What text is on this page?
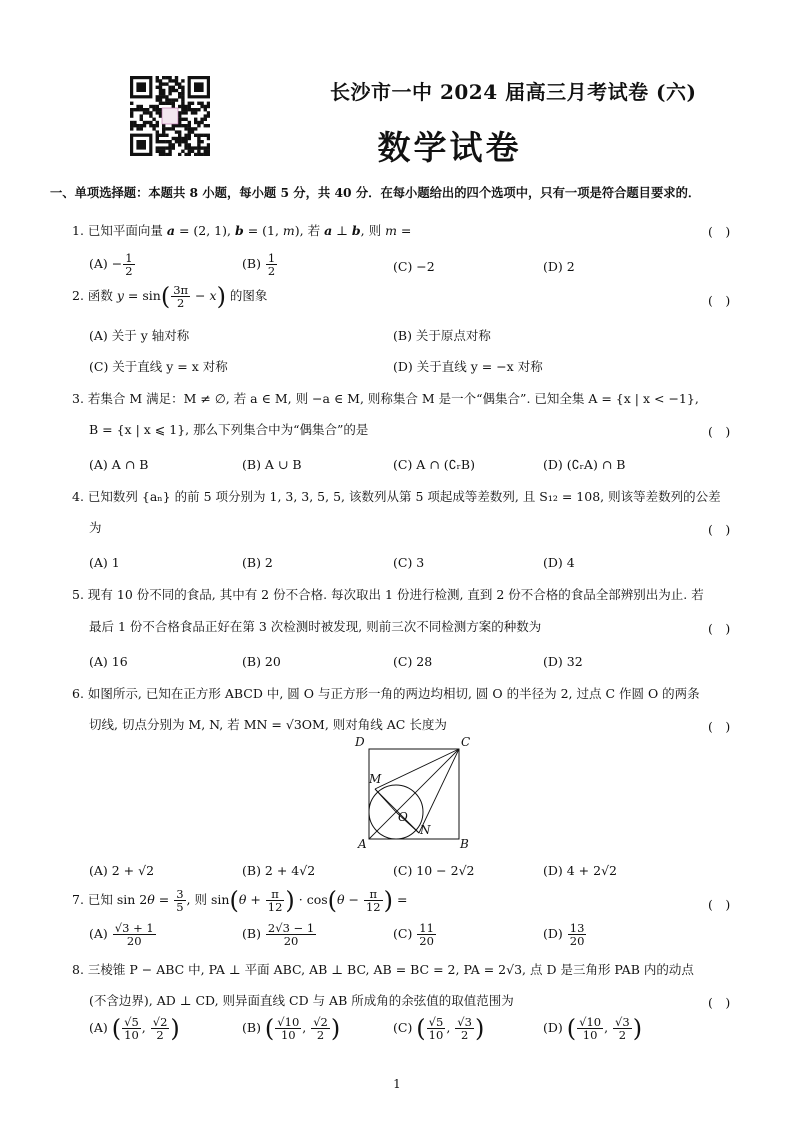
长沙市一中 2024 届高三月考试卷 (六)
数学试卷
一、单项选择题：本题共 8 小题，每小题 5 分，共 40 分．在每小题给出的四个选项中，只有一项是符合题目要求的．
1. 已知平面向量 a = (2, 1), b = (1, m), 若 a ⊥ b, 则 m =	(　)
$(A) - \frac{1}{2}$	$(B) \frac{1}{2}$	(C) −2	(D) 2
2. 函数 $y = \sin( \frac{3\pi}{2} - x)$ 的图象	(　)
(A) 关于 y 轴对称	(B) 关于原点对称
(C) 关于直线 y = x 对称	(D) 关于直线 y = −x 对称
3. 若集合 M 满足：M ≠ ∅, 若 a ∈ M, 则 −a ∈ M, 则称集合 M 是一个“偶集合”. 已知全集 A = {x | x < −1},
B = {x | x ⩽ 1}, 那么下列集合中为“偶集合”的是	(　)
(A) A ∩ B	(B) A ∪ B	(C) A ∩ (∁ᵣB)	(D) (∁ᵣA) ∩ B
4. 已知数列 {aₙ} 的前 5 项分别为 1, 3, 3, 5, 5, 该数列从第 5 项起成等差数列, 且 S₁₂ = 108, 则该等差数列的公差
为	(　)
(A) 1	(B) 2	(C) 3	(D) 4
5. 现有 10 份不同的食品, 其中有 2 份不合格. 每次取出 1 份进行检测, 直到 2 份不合格的食品全部辨别出为止. 若
最后 1 份不合格食品正好在第 3 次检测时被发现, 则前三次不同检测方案的种数为	(　)
(A) 16	(B) 20	(C) 28	(D) 32
6. 如图所示, 已知在正方形 ABCD 中, 圆 O 与正方形一角的两边均相切, 圆 O 的半径为 2, 过点 C 作圆 O 的两条
切线, 切点分别为 M, N, 若 MN = √3OM, 则对角线 AC 长度为	(　)
D	C
M
O
N
A	B
(A) 2 + √2	(B) 2 + 4√2	(C) 10 − 2√2	(D) 4 + 2√2
7. 已知 $\sin 2\theta = \frac{3}{5}$ , 则 $\sin(\theta + \frac{\pi}{12}$ ) · $\cos(\theta - \frac{\pi}{12}$ ) =	(　)
$(A) \frac{√3 + 1}{20}$	$(B) \frac{2√3 - 1}{20}$	$(C) \frac{11}{20}$	$(D) \frac{13}{20}$
8. 三棱锥 P − ABC 中, PA ⊥ 平面 ABC, AB ⊥ BC, AB = BC = 2, PA = 2√3, 点 D 是三角形 PAB 内的动点
(不含边界), AD ⊥ CD, 则异面直线 CD 与 AB 所成角的余弦值的取值范围为	(　)
(A) ( $\frac{√5}{10}$ , $\frac{√2}{2}$ )	(B) ( $\frac{√10}{10}$ , $\frac{√2}{2}$ )	(C) ( $\frac{√5}{10}$ , $\frac{√3}{2}$ )	(D) ( $\frac{√10}{10}$ , $\frac{√3}{2}$ )
1
